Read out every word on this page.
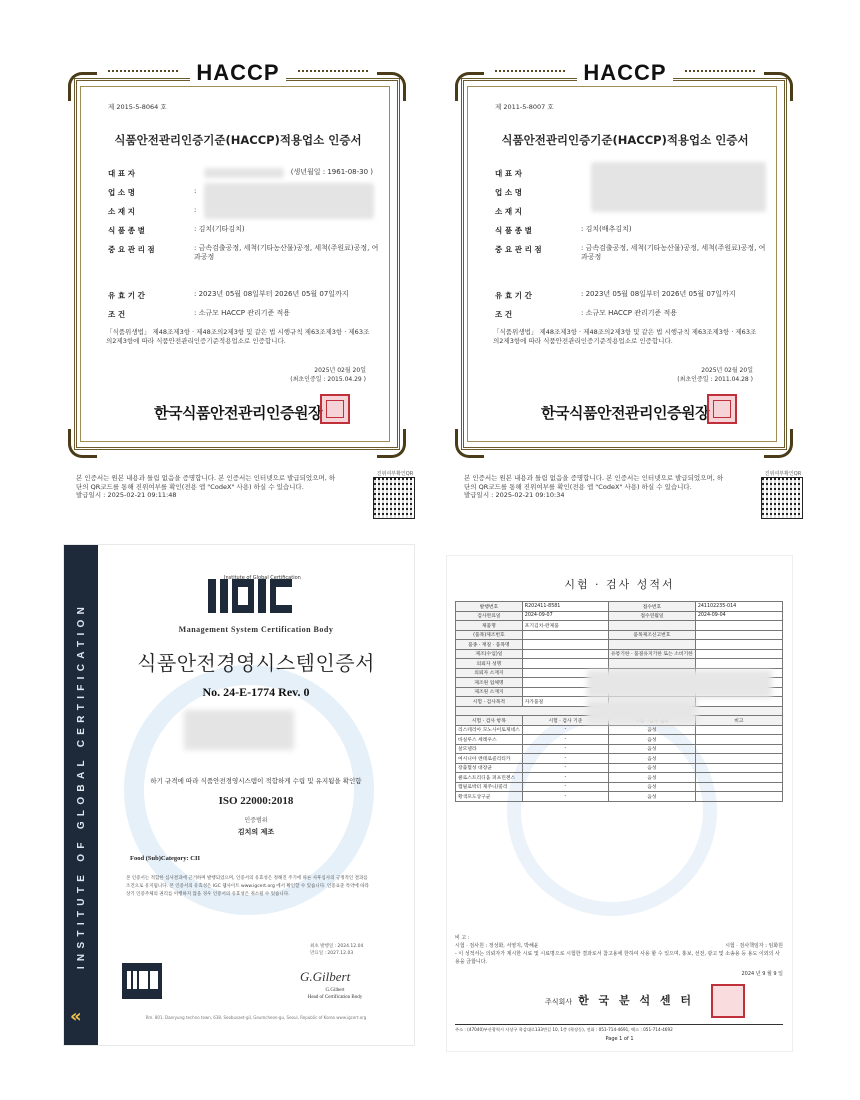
HACCP
제 2015-5-8064 호
식품안전관리인증기준(HACCP)적용업소 인증서
대 표 자	(생년월일 : 1961-08-30 )
업 소 명	:
소 재 지	:
식 품 종 별	: 김치(기타김치)
중 요 관 리 점	: 금속검출공정, 세척(기타농산물)공정, 세척(주원료)공정, 여과공정
유 효 기 간	: 2023년 05월 08일부터 2026년 05월 07일까지
조 건	: 소규모 HACCP 관리기준 적용
「식품위생법」 제48조제3항 · 제48조의2제3항 및 같은 법 시행규칙 제63조제3항 · 제63조의2제3항에 따라 식품안전관리인증기준적용업소로 인증합니다.
2025년 02월 20일
(최초인증일 : 2015.04.29 )
한국식품안전관리인증원장
본 인증서는 원본 내용과 틀림 없음을 증명합니다. 본 인증서는 인터넷으로 발급되었으며, 하단의 QR코드를 통해 진위여부를 확인(전용 앱 "CodeX" 사용) 하실 수 있습니다.
발급일시 : 2025-02-21 09:11:48
진위여부확인QR
HACCP
제 2011-5-8007 호
식품안전관리인증기준(HACCP)적용업소 인증서
대 표 자
업 소 명
소 재 지
식 품 종 별	: 김치(배추김치)
중 요 관 리 점	: 금속검출공정, 세척(기타농산물)공정, 세척(주원료)공정, 여과공정
유 효 기 간	: 2023년 05월 08일부터 2026년 05월 07일까지
조 건	: 소규모 HACCP 관리기준 적용
「식품위생법」 제48조제3항 · 제48조의2제3항 및 같은 법 시행규칙 제63조제3항 · 제63조의2제3항에 따라 식품안전관리인증기준적용업소로 인증합니다.
2025년 02월 20일
(최초인증일 : 2011.04.28 )
한국식품안전관리인증원장
본 인증서는 원본 내용과 틀림 없음을 증명합니다. 본 인증서는 인터넷으로 발급되었으며, 하단의 QR코드를 통해 진위여부를 확인(전용 앱 "CodeX" 사용) 하실 수 있습니다.
발급일시 : 2025-02-21 09:10:34
진위여부확인QR
INSTITUTE OF GLOBAL CERTIFICATION
«
Institute of Global Certification
Management System Certification Body
식품안전경영시스템인증서
No. 24-E-1774 Rev. 0
하기 규격에 따라 식품안전경영시스템이 적합하게 수립 및 유지됨을 확인함
ISO 22000:2018
인증범위
김치의 제조
Food (Sub)Category: CII
본 인증서는 적합한 심사결과에 근거하며 발행되었으며, 인증서의 유효성은 정해진 주기에 따른 사후심사의 긍정적인 결과를 조건으로 유지됩니다. 본 인증서의 유효성은 IGC 웹사이트 www.igcert.org 에서 확인할 수 있습니다. 인증표준 특약에 따라 상기 인증주체의 권리를 이행하지 않을 경우 인증서의 유효성은 취소될 수 있습니다.
최초 발행일 : 2024.12.04
만료일 : 2027.12.03
G.Gilbert
G.Gilbert
Head of Certification Body
Rm. 801, Daeryung techno town, 638, Seobusaet-gil, Geumcheon-gu, Seoul, Republic of Korea www.igcert.org
시험 · 검사 성적서
발행번호	R202411-8581	접수번호	241102235-014
검사완료일	2024-09-07	접수연월일	2024-09-04
제품명	포기김치-완제품		
(품목)제조번호		품목제조신고번호	
품종 · 재질 · 품목명			
제조(수입)일		유통기한 · 품질유지기한 또는 소비기한	
의뢰자 성명			
의뢰자 소재지			
제조원 업체명			
제조원 소재지			
시험 · 검사목적	자가품질		

시험 · 검사 항목	시험 · 검사 기준		비고
리스테리아 모노사이토제네스	-	음성	
바실루스 세레우스	-	음성	
살모넬라	-	음성	
여시니아 엔테로콜리티카	-	음성	
장출혈성 대장균	-	음성	
클로스트리디움 퍼프린젠스	-	음성	
캠필로박터 제주니/콜리	-	음성	
황색포도상구균	-	음성	
비 고 :
시험 · 검사원 : 정성화, 서영지, 박해윤	시험 · 검사책임자 : 임화원
- 이 성적서는 의뢰자가 제시한 시료 및 시료명으로 시험한 결과로서 참고용에 한하여 사용 할 수 있으며, 홍보, 선전, 광고 및 소송용 등 용도 이외의 사용을 금합니다.
2024 년 9 월 9 일
주식회사 한 국 분 석 센 터
주소 : (47040)부산광역시 사상구 학감대로133번길 10, 1층 (학장동), 전화 : 051-714-4691, 팩스 : 051-714-4692
Page 1 of 1
